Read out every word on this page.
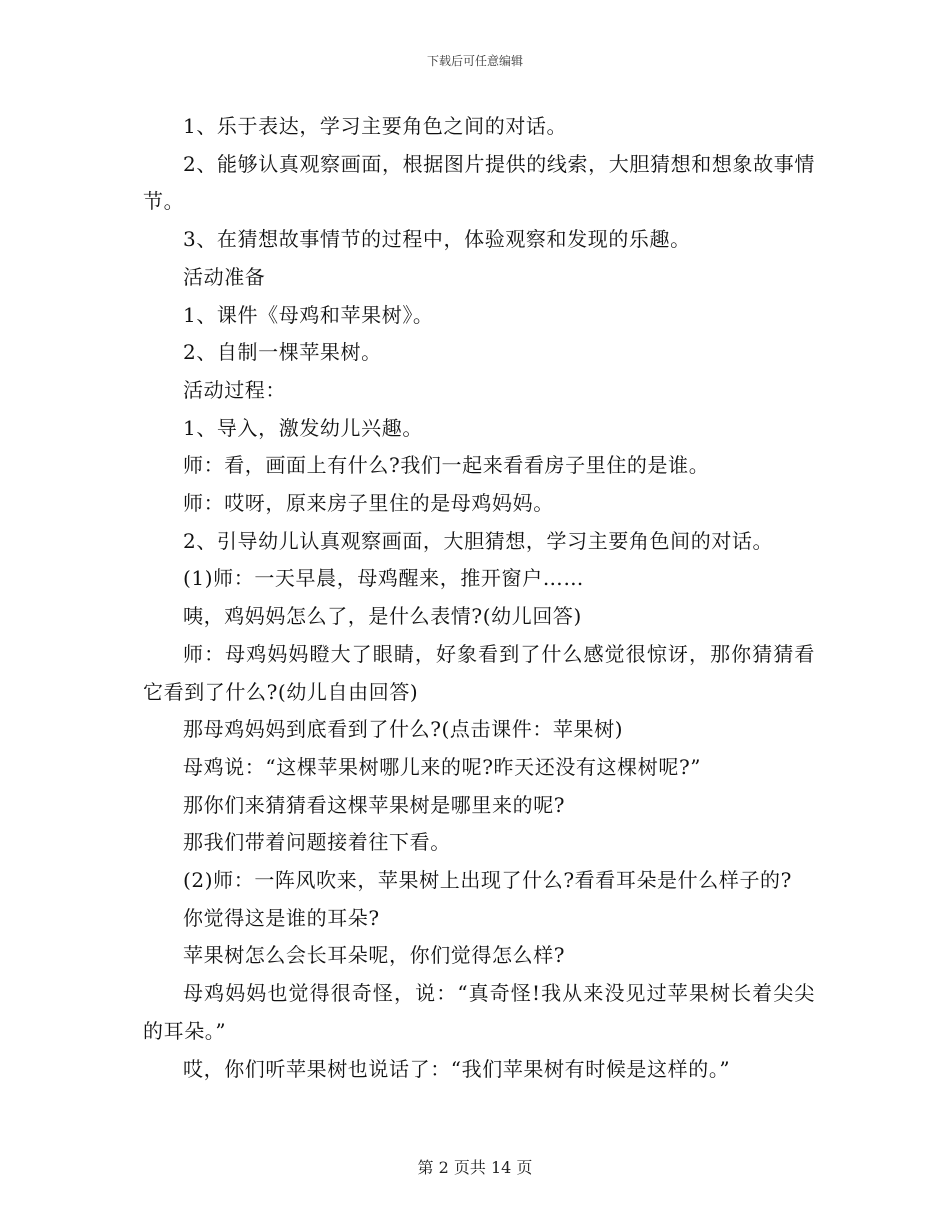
下载后可任意编辑

1、乐于表达，学习主要角色之间的对话。

2、能够认真观察画面，根据图片提供的线索，大胆猜想和想象故事情节。

3、在猜想故事情节的过程中，体验观察和发现的乐趣。

活动准备

1、课件《母鸡和苹果树》。

2、自制一棵苹果树。

活动过程：

1、导入，激发幼儿兴趣。

师：看，画面上有什么?我们一起来看看房子里住的是谁。

师：哎呀，原来房子里住的是母鸡妈妈。

2、引导幼儿认真观察画面，大胆猜想，学习主要角色间的对话。

(1)师：一天早晨，母鸡醒来，推开窗户……

咦，鸡妈妈怎么了，是什么表情?(幼儿回答)

师：母鸡妈妈瞪大了眼睛，好象看到了什么感觉很惊讶，那你猜猜看它看到了什么?(幼儿自由回答)

那母鸡妈妈到底看到了什么?(点击课件：苹果树)

母鸡说：“这棵苹果树哪儿来的呢?昨天还没有这棵树呢?”

那你们来猜猜看这棵苹果树是哪里来的呢?

那我们带着问题接着往下看。

(2)师：一阵风吹来，苹果树上出现了什么?看看耳朵是什么样子的?

你觉得这是谁的耳朵?

苹果树怎么会长耳朵呢，你们觉得怎么样?

母鸡妈妈也觉得很奇怪，说：“真奇怪!我从来没见过苹果树长着尖尖的耳朵。”

哎，你们听苹果树也说话了：“我们苹果树有时候是这样的。”

第 2 页共 14 页
